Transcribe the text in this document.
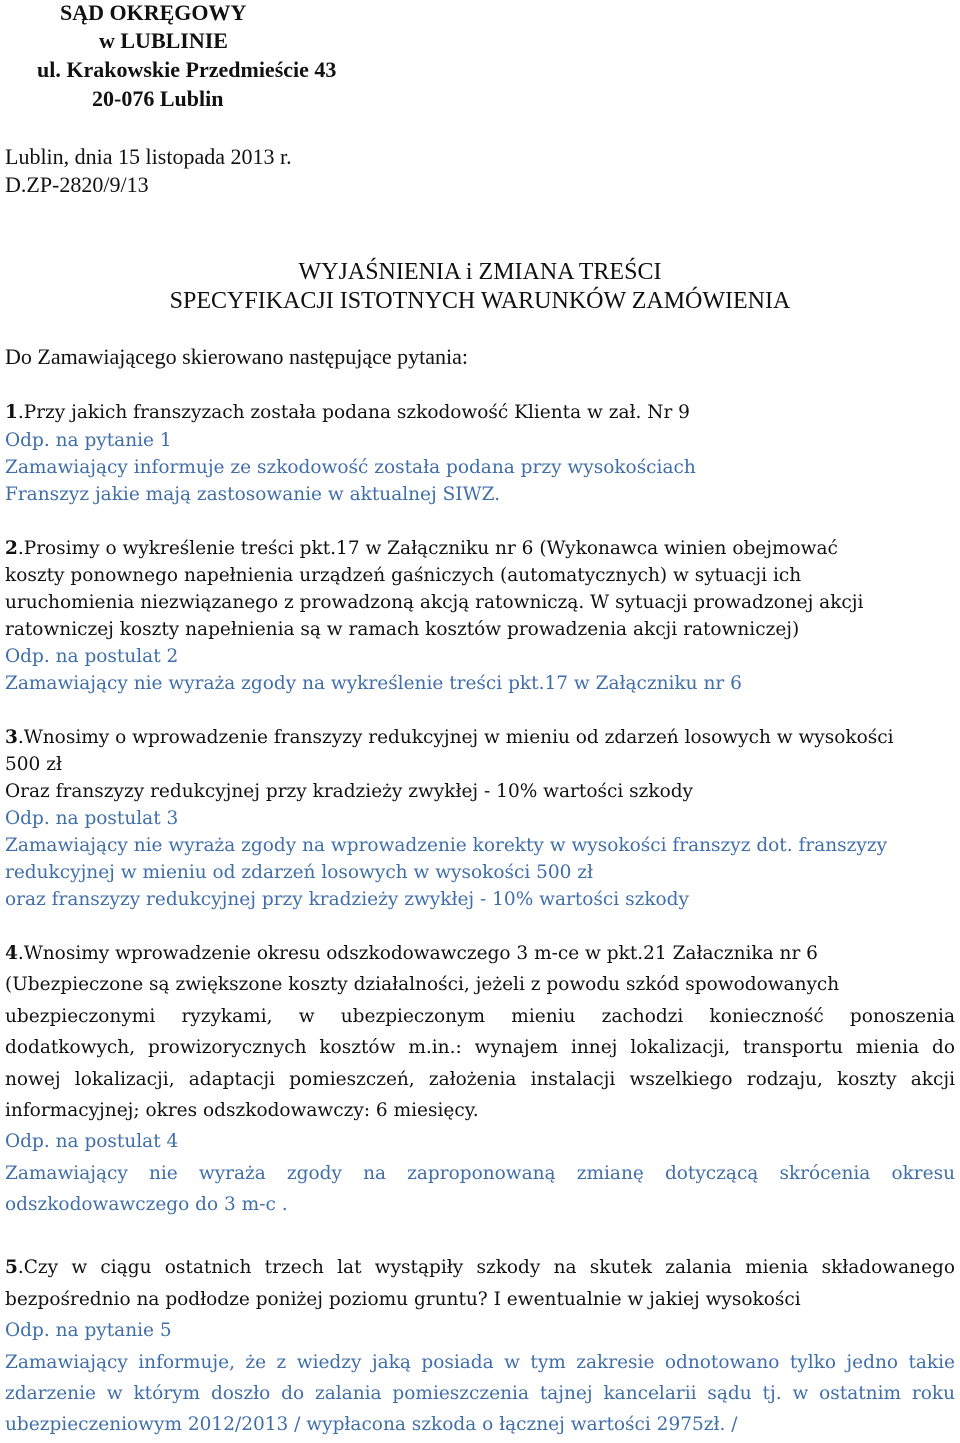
SĄD OKRĘGOWY

w LUBLINIE

ul. Krakowskie Przedmieście 43

20-076 Lublin

Lublin, dnia 15 listopada 2013 r.

D.ZP-2820/9/13

WYJAŚNIENIA i ZMIANA TREŚCI

SPECYFIKACJI ISTOTNYCH WARUNKÓW ZAMÓWIENIA

Do Zamawiającego skierowano następujące pytania:

1.Przy jakich franszyzach została podana szkodowość Klienta w zał. Nr 9

Odp. na pytanie 1

Zamawiający informuje ze szkodowość została podana przy wysokościach

Franszyz jakie mają zastosowanie w aktualnej SIWZ.

2.Prosimy o wykreślenie treści pkt.17 w Załączniku nr 6 (Wykonawca winien obejmować

koszty ponownego napełnienia urządzeń gaśniczych (automatycznych) w sytuacji ich

uruchomienia niezwiązanego z prowadzoną akcją ratowniczą. W sytuacji prowadzonej akcji

ratowniczej koszty napełnienia są w ramach kosztów prowadzenia akcji ratowniczej)

Odp. na postulat 2

Zamawiający nie wyraża zgody na wykreślenie treści pkt.17 w Załączniku nr 6

3.Wnosimy o wprowadzenie franszyzy redukcyjnej w mieniu od zdarzeń losowych w wysokości

500 zł

Oraz franszyzy redukcyjnej przy kradzieży zwykłej - 10% wartości szkody

Odp. na postulat 3

Zamawiający nie wyraża zgody na wprowadzenie korekty w wysokości franszyz dot. franszyzy

redukcyjnej w mieniu od zdarzeń losowych w wysokości 500 zł

oraz franszyzy redukcyjnej przy kradzieży zwykłej - 10% wartości szkody

4.Wnosimy wprowadzenie okresu odszkodowawczego 3 m-ce w pkt.21 Załacznika nr 6

(Ubezpieczone są zwiększone koszty działalności, jeżeli z powodu szkód spowodowanych

ubezpieczonymi ryzykami, w ubezpieczonym mieniu zachodzi konieczność ponoszenia

dodatkowych, prowizorycznych kosztów m.in.: wynajem innej lokalizacji, transportu mienia do

nowej lokalizacji, adaptacji pomieszczeń, założenia instalacji wszelkiego rodzaju, koszty akcji

informacyjnej; okres odszkodowawczy: 6 miesięcy.

Odp. na postulat 4

Zamawiający nie wyraża zgody na zaproponowaną zmianę dotyczącą skrócenia okresu

odszkodowawczego do 3 m-c .

5.Czy w ciągu ostatnich trzech lat wystąpiły szkody na skutek zalania mienia składowanego

bezpośrednio na podłodze poniżej poziomu gruntu? I ewentualnie w jakiej wysokości

Odp. na pytanie 5

Zamawiający informuje, że z wiedzy jaką posiada w tym zakresie odnotowano tylko jedno takie

zdarzenie w którym doszło do zalania pomieszczenia tajnej kancelarii sądu tj. w ostatnim roku

ubezpieczeniowym 2012/2013 / wypłacona szkoda o łącznej wartości 2975zł. /
